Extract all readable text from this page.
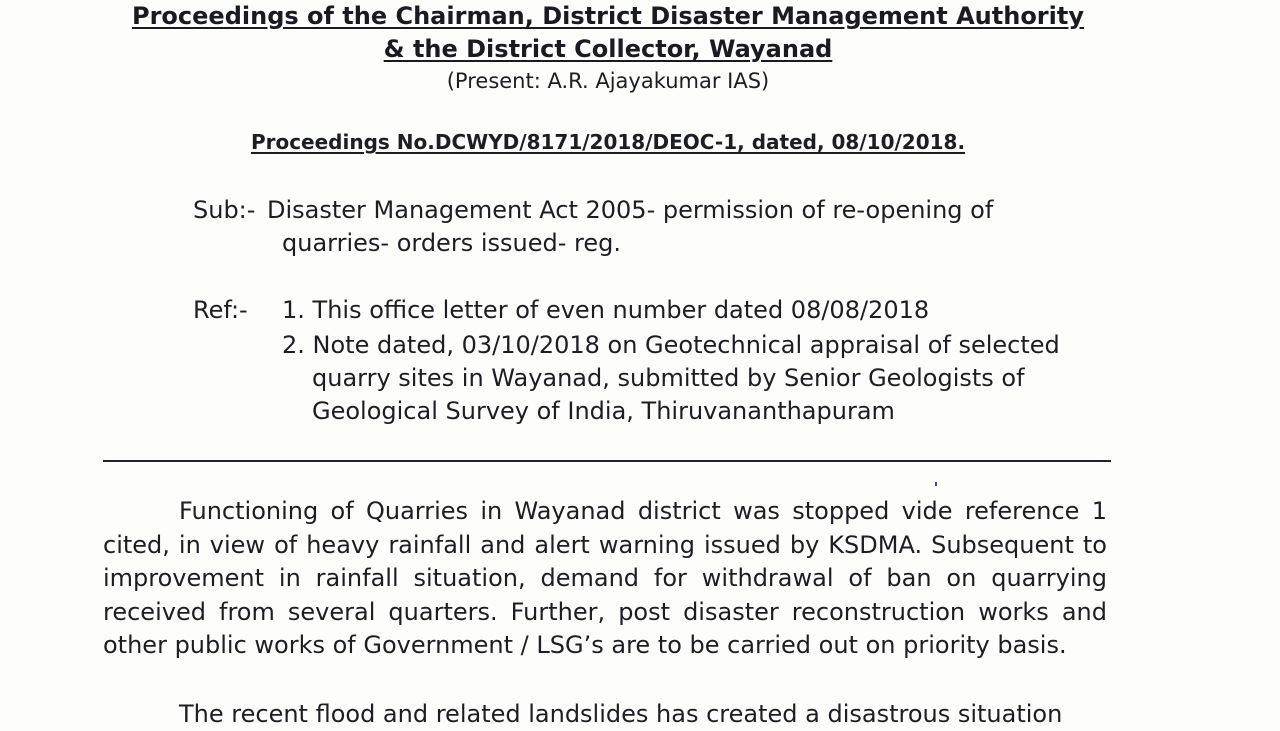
Proceedings of the Chairman, District Disaster Management Authority
& the District Collector, Wayanad
(Present: A.R. Ajayakumar IAS)
Proceedings No.DCWYD/8171/2018/DEOC-1, dated, 08/10/2018.
Sub:- Disaster Management Act 2005- permission of re-opening of
quarries- orders issued- reg.
Ref:- 1. This office letter of even number dated 08/08/2018
2. Note dated, 03/10/2018 on Geotechnical appraisal of selected
quarry sites in Wayanad, submitted by Senior Geologists of
Geological Survey of India, Thiruvananthapuram
Functioning of Quarries in Wayanad district was stopped vide reference 1 cited, in view of heavy rainfall and alert warning issued by KSDMA. Subsequent to improvement in rainfall situation, demand for withdrawal of ban on quarrying received from several quarters. Further, post disaster reconstruction works and other public works of Government / LSG’s are to be carried out on priority basis.
The recent flood and related landslides has created a disastrous situation
